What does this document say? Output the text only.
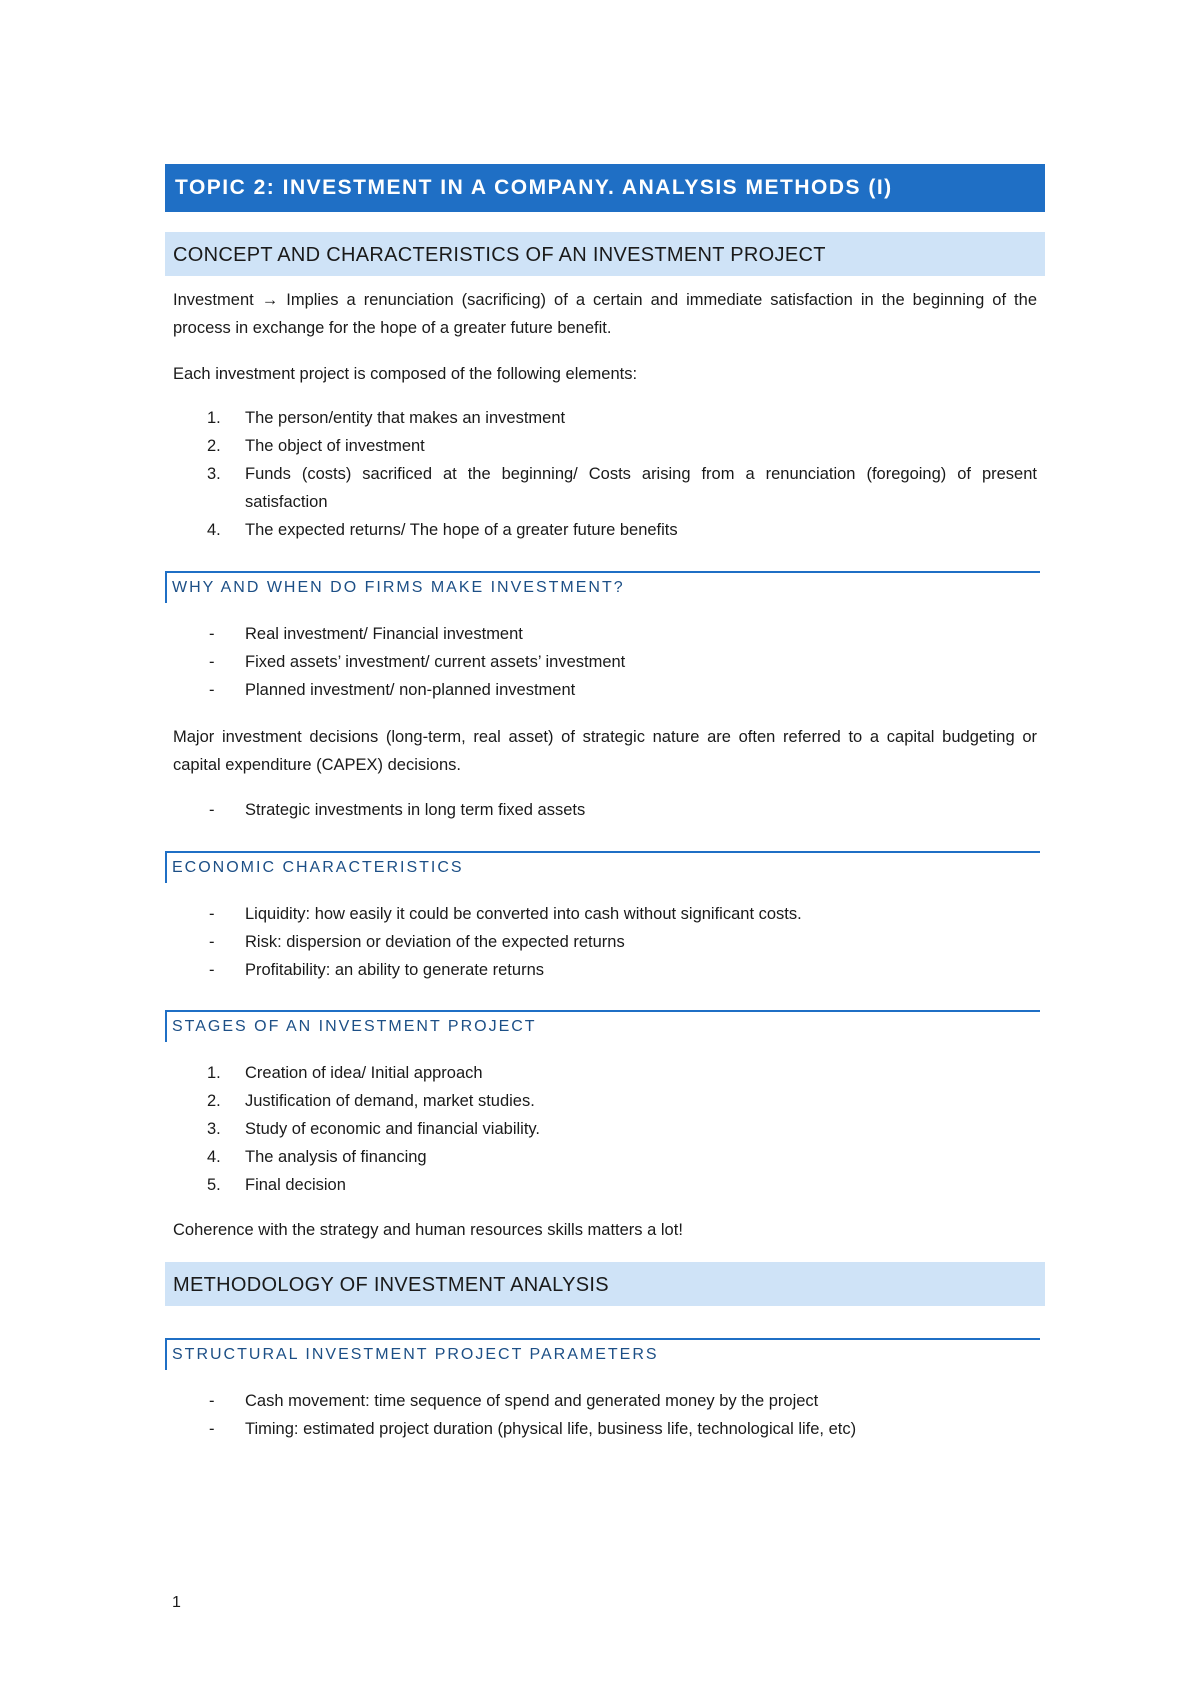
TOPIC 2: INVESTMENT IN A COMPANY. ANALYSIS METHODS (I)
CONCEPT AND CHARACTERISTICS OF AN INVESTMENT PROJECT

Investment → Implies a renunciation (sacrificing) of a certain and immediate satisfaction in the beginning of the process in exchange for the hope of a greater future benefit.

Each investment project is composed of the following elements:

1. The person/entity that makes an investment
2. The object of investment
3. Funds (costs) sacrificed at the beginning/ Costs arising from a renunciation (foregoing) of present satisfaction
4. The expected returns/ The hope of a greater future benefits
WHY AND WHEN DO FIRMS MAKE INVESTMENT?
- Real investment/ Financial investment
- Fixed assets’ investment/ current assets’ investment
- Planned investment/ non-planned investment

Major investment decisions (long-term, real asset) of strategic nature are often referred to a capital budgeting or capital expenditure (CAPEX) decisions.

- Strategic investments in long term fixed assets
ECONOMIC CHARACTERISTICS
- Liquidity: how easily it could be converted into cash without significant costs.
- Risk: dispersion or deviation of the expected returns
- Profitability: an ability to generate returns
STAGES OF AN INVESTMENT PROJECT
1. Creation of idea/ Initial approach
2. Justification of demand, market studies.
3. Study of economic and financial viability.
4. The analysis of financing
5. Final decision

Coherence with the strategy and human resources skills matters a lot!

METHODOLOGY OF INVESTMENT ANALYSIS
STRUCTURAL INVESTMENT PROJECT PARAMETERS
- Cash movement: time sequence of spend and generated money by the project
- Timing: estimated project duration (physical life, business life, technological life, etc)
1
